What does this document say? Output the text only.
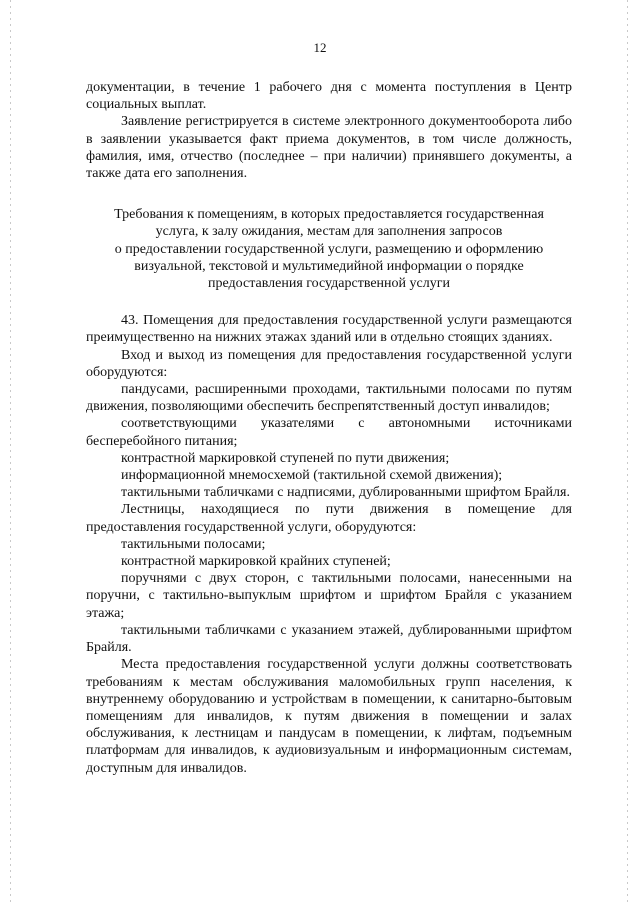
12

документации, в течение 1 рабочего дня с момента поступления в Центр социальных выплат.

Заявление регистрируется в системе электронного документооборота либо в заявлении указывается факт приема документов, в том числе должность, фамилия, имя, отчество (последнее – при наличии) принявшего документы, а также дата его заполнения.

Требования к помещениям, в которых предоставляется государственная
услуга, к залу ожидания, местам для заполнения запросов
о предоставлении государственной услуги, размещению и оформлению
визуальной, текстовой и мультимедийной информации о порядке
предоставления государственной услуги

43. Помещения для предоставления государственной услуги размещаются преимущественно на нижних этажах зданий или в отдельно стоящих зданиях.

Вход и выход из помещения для предоставления государственной услуги оборудуются:

пандусами, расширенными проходами, тактильными полосами по путям движения, позволяющими обеспечить беспрепятственный доступ инвалидов;

соответствующими указателями с автономными источниками бесперебойного питания;

контрастной маркировкой ступеней по пути движения;

информационной мнемосхемой (тактильной схемой движения);

тактильными табличками с надписями, дублированными шрифтом Брайля.

Лестницы, находящиеся по пути движения в помещение для предоставления государственной услуги, оборудуются:

тактильными полосами;

контрастной маркировкой крайних ступеней;

поручнями с двух сторон, с тактильными полосами, нанесенными на поручни, с тактильно-выпуклым шрифтом и шрифтом Брайля с указанием этажа;

тактильными табличками с указанием этажей, дублированными шрифтом Брайля.

Места предоставления государственной услуги должны соответствовать требованиям к местам обслуживания маломобильных групп населения, к внутреннему оборудованию и устройствам в помещении, к санитарно-бытовым помещениям для инвалидов, к путям движения в помещении и залах обслуживания, к лестницам и пандусам в помещении, к лифтам, подъемным платформам для инвалидов, к аудиовизуальным и информационным системам, доступным для инвалидов.
